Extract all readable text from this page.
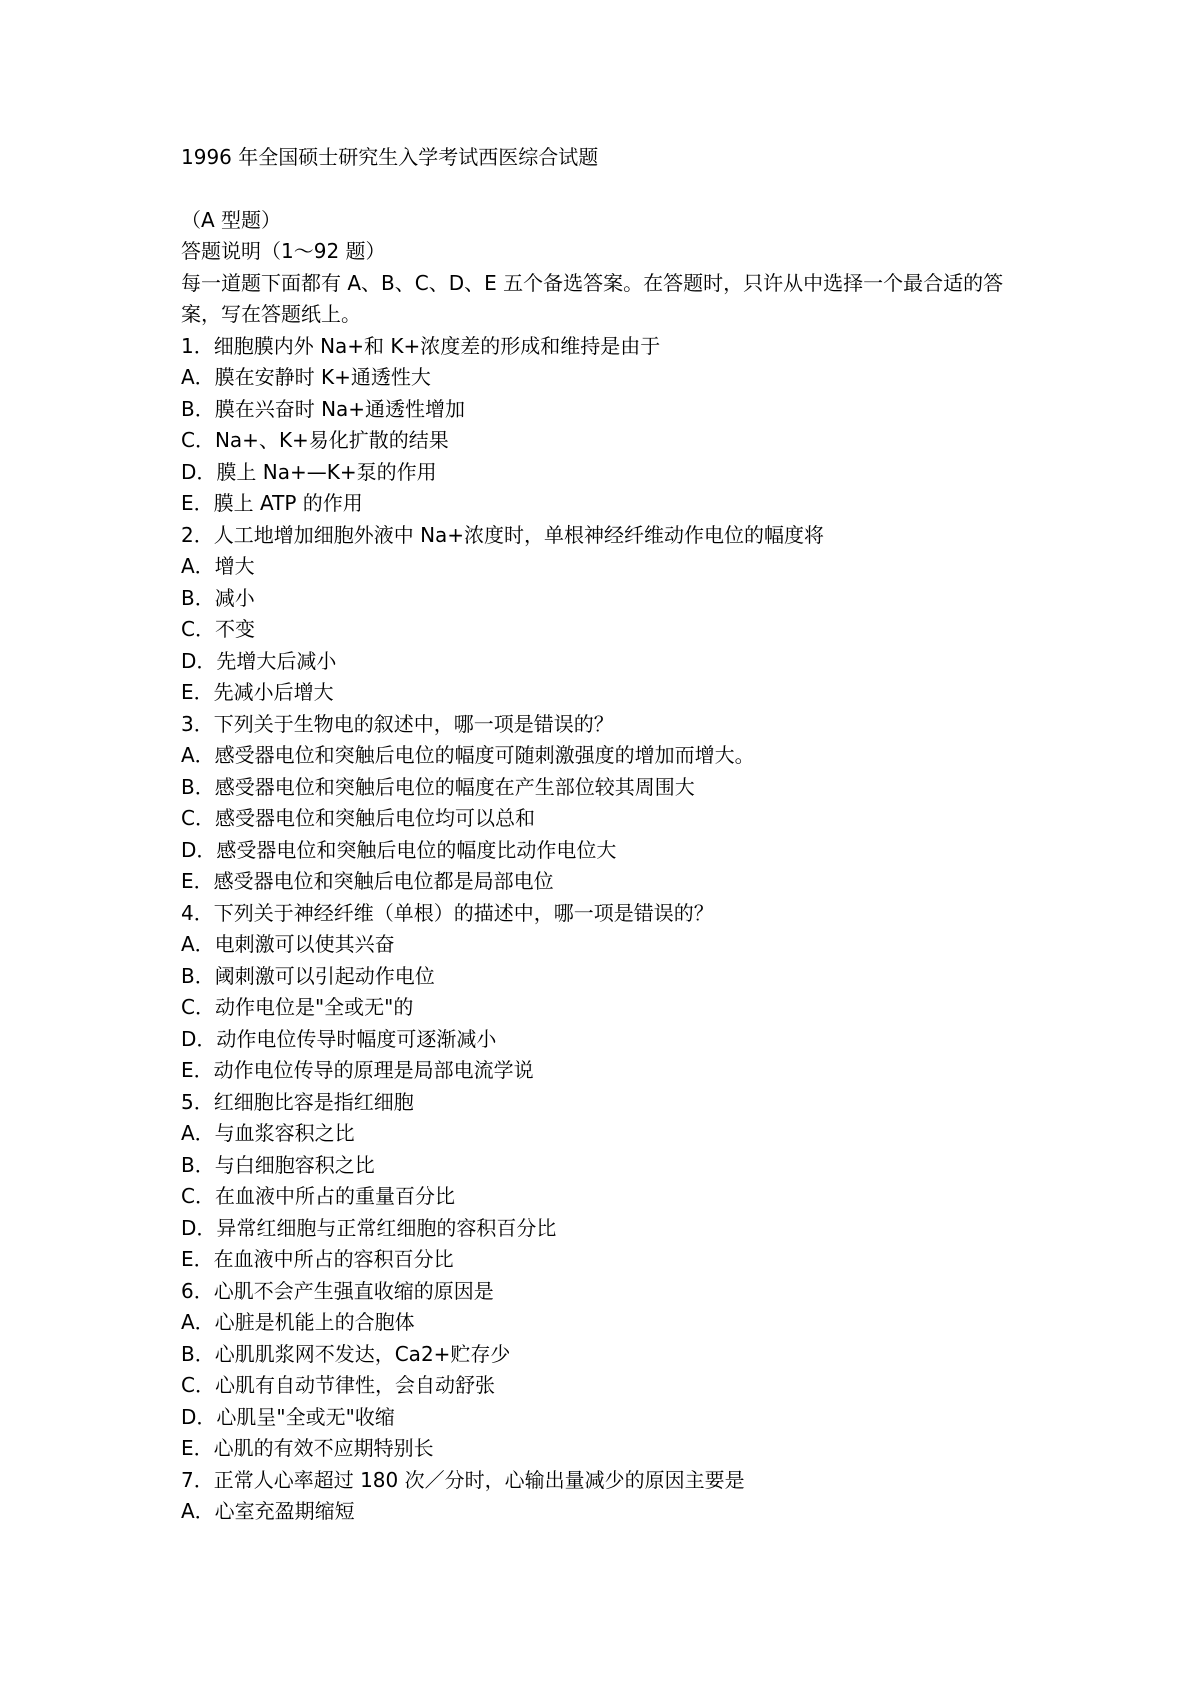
1996 年全国硕士研究生入学考试西医综合试题
（A 型题）
答题说明（1～92 题）
每一道题下面都有 A、B、C、D、E 五个备选答案。在答题时，只许从中选择一个最合适的答案，写在答题纸上。
1．细胞膜内外 Na+和 K+浓度差的形成和维持是由于
A．膜在安静时 K+通透性大
B．膜在兴奋时 Na+通透性增加
C．Na+、K+易化扩散的结果
D．膜上 Na+—K+泵的作用
E．膜上 ATP 的作用
2．人工地增加细胞外液中 Na+浓度时，单根神经纤维动作电位的幅度将
A．增大
B．减小
C．不变
D．先增大后减小
E．先减小后增大
3．下列关于生物电的叙述中，哪一项是错误的？
A．感受器电位和突触后电位的幅度可随刺激强度的增加而增大。
B．感受器电位和突触后电位的幅度在产生部位较其周围大
C．感受器电位和突触后电位均可以总和
D．感受器电位和突触后电位的幅度比动作电位大
E．感受器电位和突触后电位都是局部电位
4．下列关于神经纤维（单根）的描述中，哪一项是错误的？
A．电刺激可以使其兴奋
B．阈刺激可以引起动作电位
C．动作电位是"全或无"的
D．动作电位传导时幅度可逐渐减小
E．动作电位传导的原理是局部电流学说
5．红细胞比容是指红细胞
A．与血浆容积之比
B．与白细胞容积之比
C．在血液中所占的重量百分比
D．异常红细胞与正常红细胞的容积百分比
E．在血液中所占的容积百分比
6．心肌不会产生强直收缩的原因是
A．心脏是机能上的合胞体
B．心肌肌浆网不发达，Ca2+贮存少
C．心肌有自动节律性，会自动舒张
D．心肌呈"全或无"收缩
E．心肌的有效不应期特别长
7．正常人心率超过 180 次／分时，心输出量减少的原因主要是
A．心室充盈期缩短
